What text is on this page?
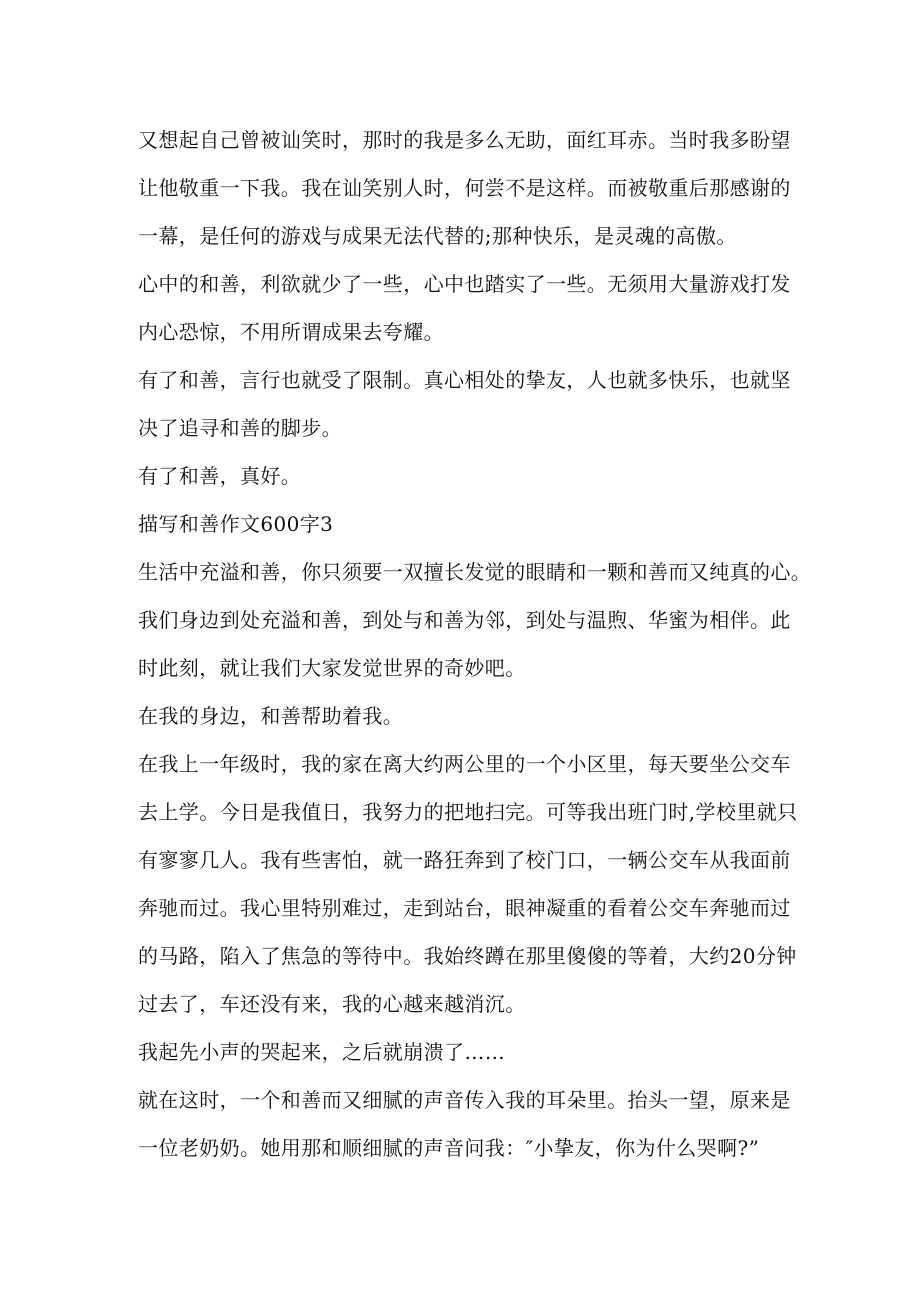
又想起自己曾被讪笑时，那时的我是多么无助，面红耳赤。当时我多盼望
让他敬重一下我。我在讪笑别人时，何尝不是这样。而被敬重后那感谢的
一幕，是任何的游戏与成果无法代替的;那种快乐，是灵魂的高傲。
心中的和善，利欲就少了一些，心中也踏实了一些。无须用大量游戏打发
内心恐惊，不用所谓成果去夸耀。
有了和善，言行也就受了限制。真心相处的挚友，人也就多快乐，也就坚
决了追寻和善的脚步。
有了和善，真好。
描写和善作文600字3
生活中充溢和善，你只须要一双擅长发觉的眼睛和一颗和善而又纯真的心。
我们身边到处充溢和善，到处与和善为邻，到处与温煦、华蜜为相伴。此
时此刻，就让我们大家发觉世界的奇妙吧。
在我的身边，和善帮助着我。
在我上一年级时，我的家在离大约两公里的一个小区里，每天要坐公交车
去上学。今日是我值日，我努力的把地扫完。可等我出班门时,学校里就只
有寥寥几人。我有些害怕，就一路狂奔到了校门口，一辆公交车从我面前
奔驰而过。我心里特别难过，走到站台，眼神凝重的看着公交车奔驰而过
的马路，陷入了焦急的等待中。我始终蹲在那里傻傻的等着，大约20分钟
过去了，车还没有来，我的心越来越消沉。
我起先小声的哭起来，之后就崩溃了……
就在这时，一个和善而又细腻的声音传入我的耳朵里。抬头一望，原来是
一位老奶奶。她用那和顺细腻的声音问我：″小挚友，你为什么哭啊?”
